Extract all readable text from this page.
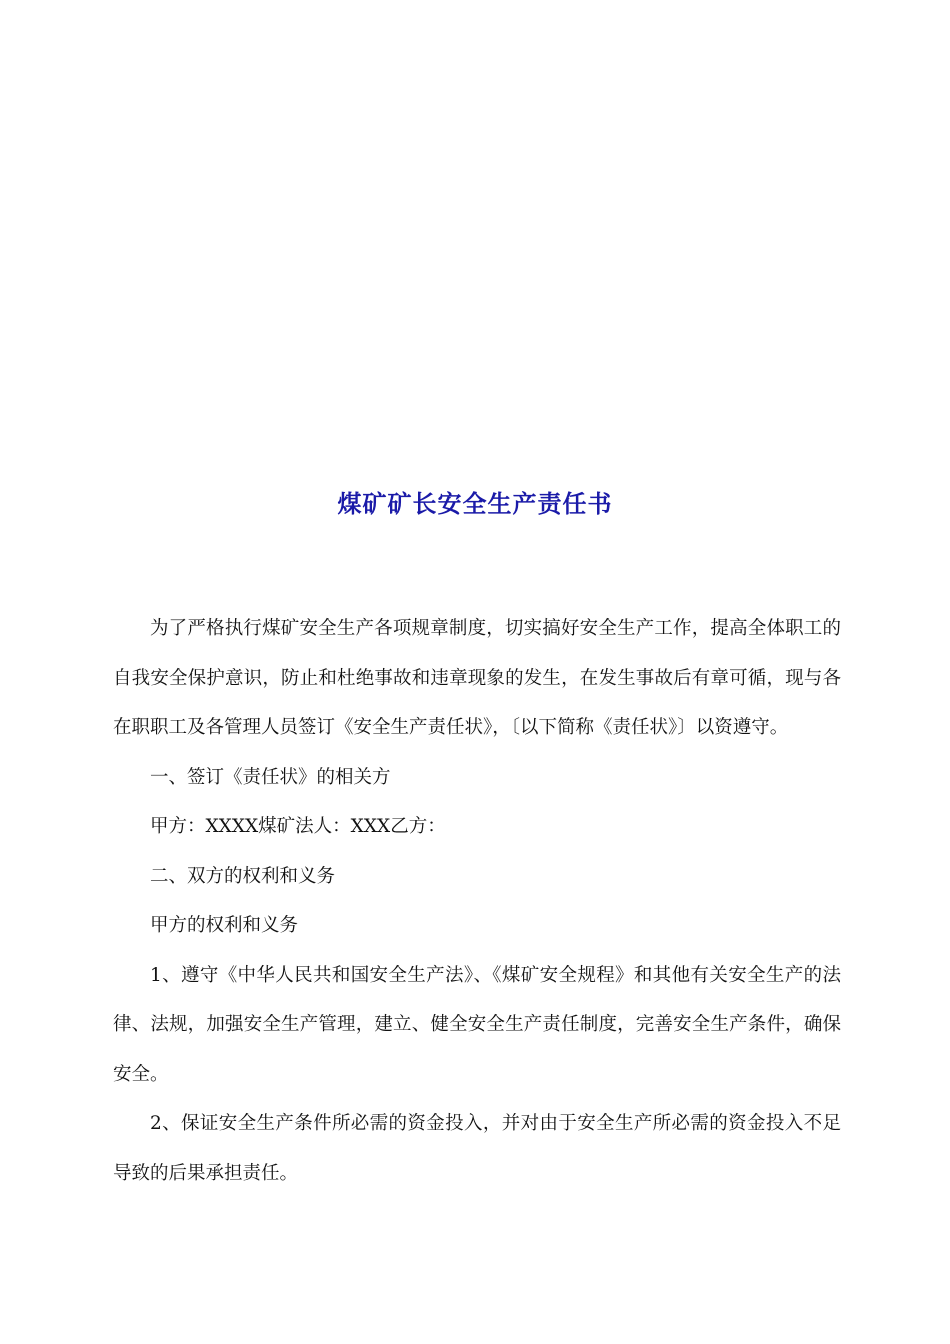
煤矿矿长安全生产责任书

为了严格执行煤矿安全生产各项规章制度，切实搞好安全生产工作，提高全体职工的自我安全保护意识，防止和杜绝事故和违章现象的发生，在发生事故后有章可循，现与各在职职工及各管理人员签订《安全生产责任状》，〔以下简称《责任状》〕以资遵守。

一、签订《责任状》的相关方

甲方：XXXX煤矿法人：XXX乙方：

二、双方的权利和义务

甲方的权利和义务

1、遵守《中华人民共和国安全生产法》、《煤矿安全规程》和其他有关安全生产的法律、法规，加强安全生产管理，建立、健全安全生产责任制度，完善安全生产条件，确保安全。

2、保证安全生产条件所必需的资金投入，并对由于安全生产所必需的资金投入不足导致的后果承担责任。
